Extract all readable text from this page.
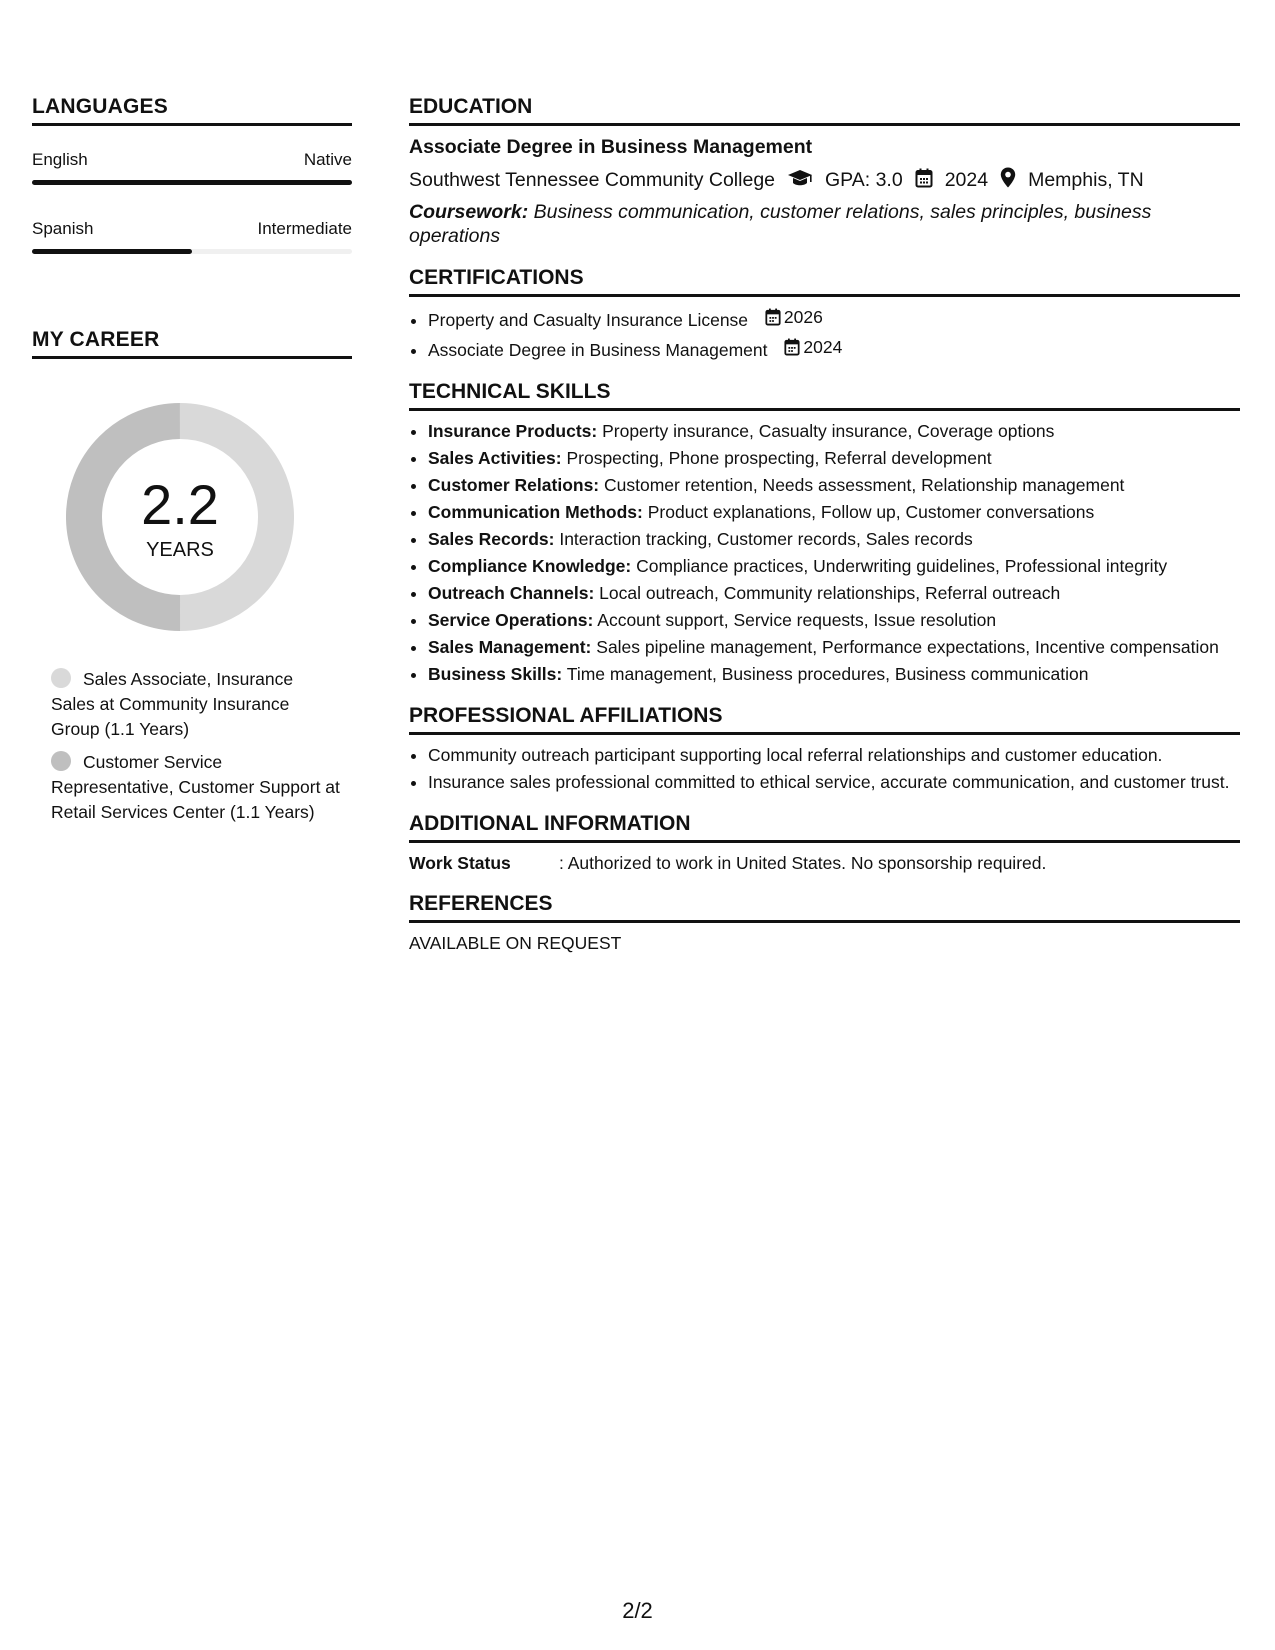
LANGUAGES
English	Native
Spanish	Intermediate
MY CAREER
2.2
YEARS
Sales Associate, Insurance Sales at Community Insurance Group (1.1 Years)
Customer Service Representative, Customer Support at Retail Services Center (1.1 Years)
EDUCATION
Associate Degree in Business Management
Southwest Tennessee Community College	GPA: 3.0 2024 Memphis, TN
Coursework: Business communication, customer relations, sales principles, business operations
CERTIFICATIONS
• Property and Casualty Insurance License 2026
• Associate Degree in Business Management 2024
TECHNICAL SKILLS
• Insurance Products: Property insurance, Casualty insurance, Coverage options
• Sales Activities: Prospecting, Phone prospecting, Referral development
• Customer Relations: Customer retention, Needs assessment, Relationship management
• Communication Methods: Product explanations, Follow up, Customer conversations
• Sales Records: Interaction tracking, Customer records, Sales records
• Compliance Knowledge: Compliance practices, Underwriting guidelines, Professional integrity
• Outreach Channels: Local outreach, Community relationships, Referral outreach
• Service Operations: Account support, Service requests, Issue resolution
• Sales Management: Sales pipeline management, Performance expectations, Incentive compensation
• Business Skills: Time management, Business procedures, Business communication
PROFESSIONAL AFFILIATIONS
• Community outreach participant supporting local referral relationships and customer education.
• Insurance sales professional committed to ethical service, accurate communication, and customer trust.
ADDITIONAL INFORMATION
Work Status	: Authorized to work in United States. No sponsorship required.
REFERENCES
AVAILABLE ON REQUEST
2/2
